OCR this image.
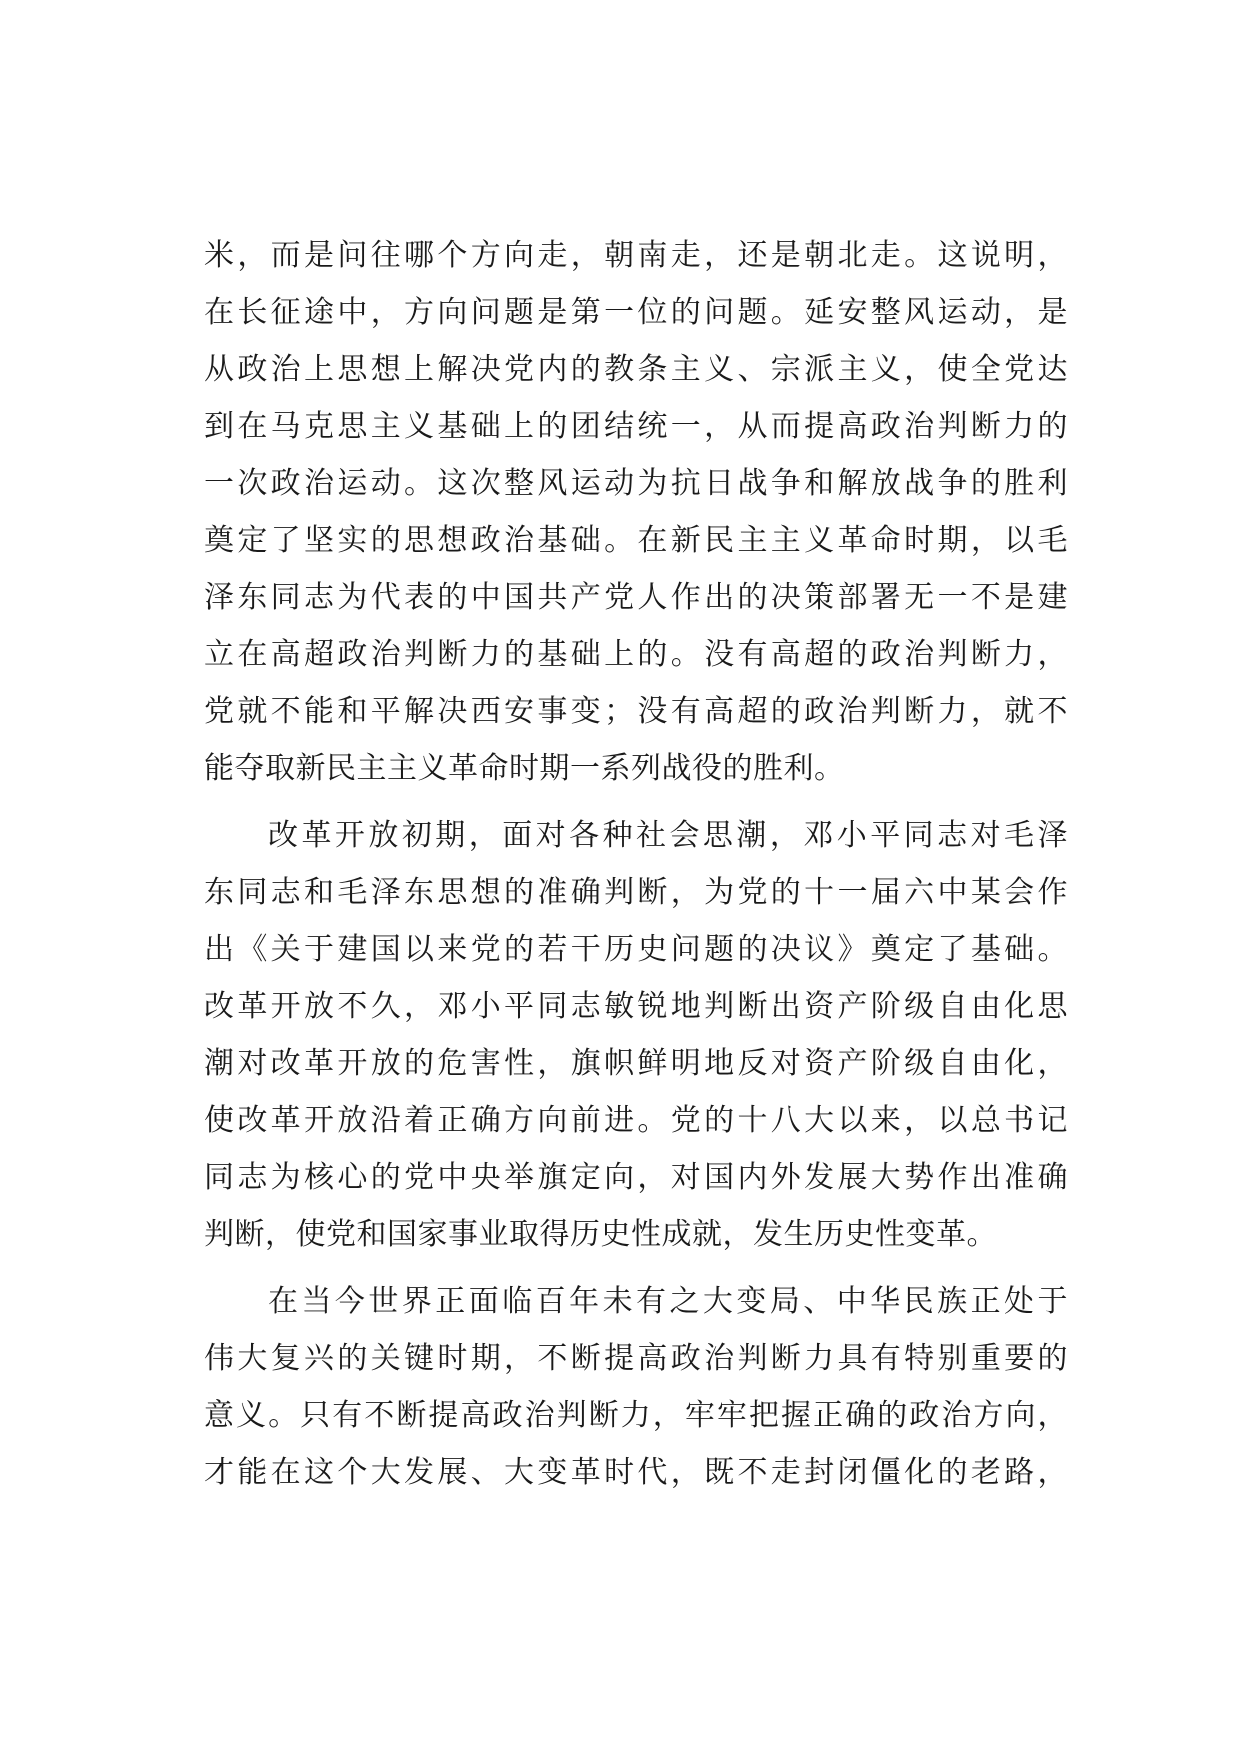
米，而是问往哪个方向走，朝南走，还是朝北走。这说明，
在长征途中，方向问题是第一位的问题。延安整风运动，是
从政治上思想上解决党内的教条主义、宗派主义，使全党达
到在马克思主义基础上的团结统一，从而提高政治判断力的
一次政治运动。这次整风运动为抗日战争和解放战争的胜利
奠定了坚实的思想政治基础。在新民主主义革命时期，以毛
泽东同志为代表的中国共产党人作出的决策部署无一不是建
立在高超政治判断力的基础上的。没有高超的政治判断力，
党就不能和平解决西安事变；没有高超的政治判断力，就不
能夺取新民主主义革命时期一系列战役的胜利。
改革开放初期，面对各种社会思潮，邓小平同志对毛泽
东同志和毛泽东思想的准确判断，为党的十一届六中某会作
出《关于建国以来党的若干历史问题的决议》奠定了基础。
改革开放不久，邓小平同志敏锐地判断出资产阶级自由化思
潮对改革开放的危害性，旗帜鲜明地反对资产阶级自由化，
使改革开放沿着正确方向前进。党的十八大以来，以总书记
同志为核心的党中央举旗定向，对国内外发展大势作出准确
判断，使党和国家事业取得历史性成就，发生历史性变革。
在当今世界正面临百年未有之大变局、中华民族正处于
伟大复兴的关键时期，不断提高政治判断力具有特别重要的
意义。只有不断提高政治判断力，牢牢把握正确的政治方向，
才能在这个大发展、大变革时代，既不走封闭僵化的老路，
